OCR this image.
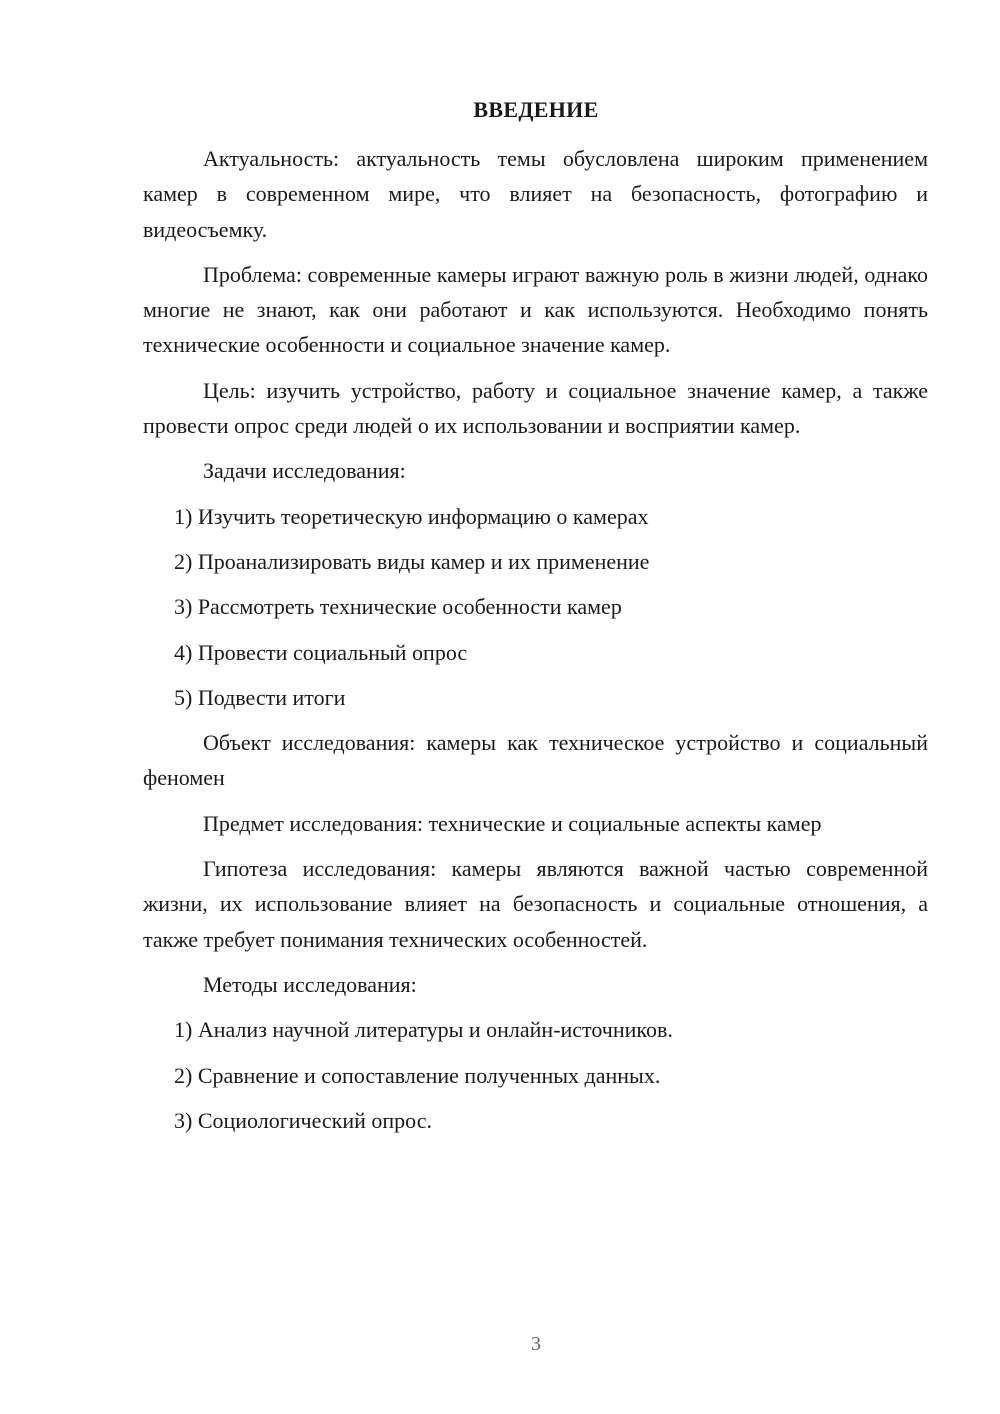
ВВЕДЕНИЕ

Актуальность: актуальность темы обусловлена широким применением камер в современном мире, что влияет на безопасность, фотографию и видеосъемку.

Проблема: современные камеры играют важную роль в жизни людей, однако многие не знают, как они работают и как используются. Необходимо понять технические особенности и социальное значение камер.

Цель: изучить устройство, работу и социальное значение камер, а также провести опрос среди людей о их использовании и восприятии камер.

Задачи исследования:

1) Изучить теоретическую информацию о камерах
2) Проанализировать виды камер и их применение
3) Рассмотреть технические особенности камер
4) Провести социальный опрос
5) Подвести итоги

Объект исследования: камеры как техническое устройство и социальный феномен

Предмет исследования: технические и социальные аспекты камер

Гипотеза исследования: камеры являются важной частью современной жизни, их использование влияет на безопасность и социальные отношения, а также требует понимания технических особенностей.

Методы исследования:

1) Анализ научной литературы и онлайн-источников.
2) Сравнение и сопоставление полученных данных.
3) Социологический опрос.
3
